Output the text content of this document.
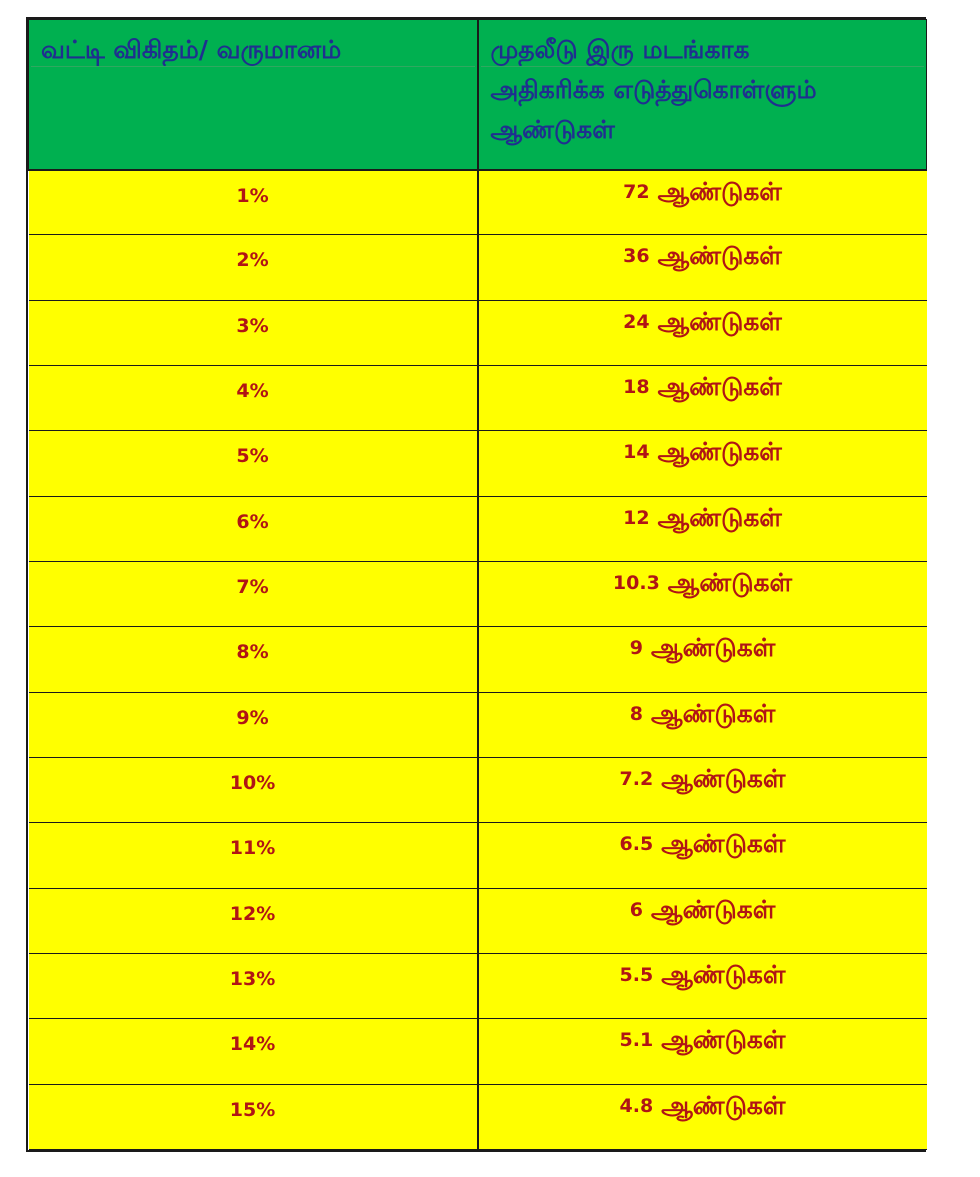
வட்டி விகிதம்/ வருமானம்	முதலீடு இரு மடங்காக
அதிகரிக்க எடுத்துகொள்ளும்
ஆண்டுகள்

1%	72 ஆண்டுகள்
2%	36 ஆண்டுகள்
3%	24 ஆண்டுகள்
4%	18 ஆண்டுகள்
5%	14 ஆண்டுகள்
6%	12 ஆண்டுகள்
7%	10.3 ஆண்டுகள்
8%	9 ஆண்டுகள்
9%	8 ஆண்டுகள்
10%	7.2 ஆண்டுகள்
11%	6.5 ஆண்டுகள்
12%	6 ஆண்டுகள்
13%	5.5 ஆண்டுகள்
14%	5.1 ஆண்டுகள்
15%	4.8 ஆண்டுகள்
